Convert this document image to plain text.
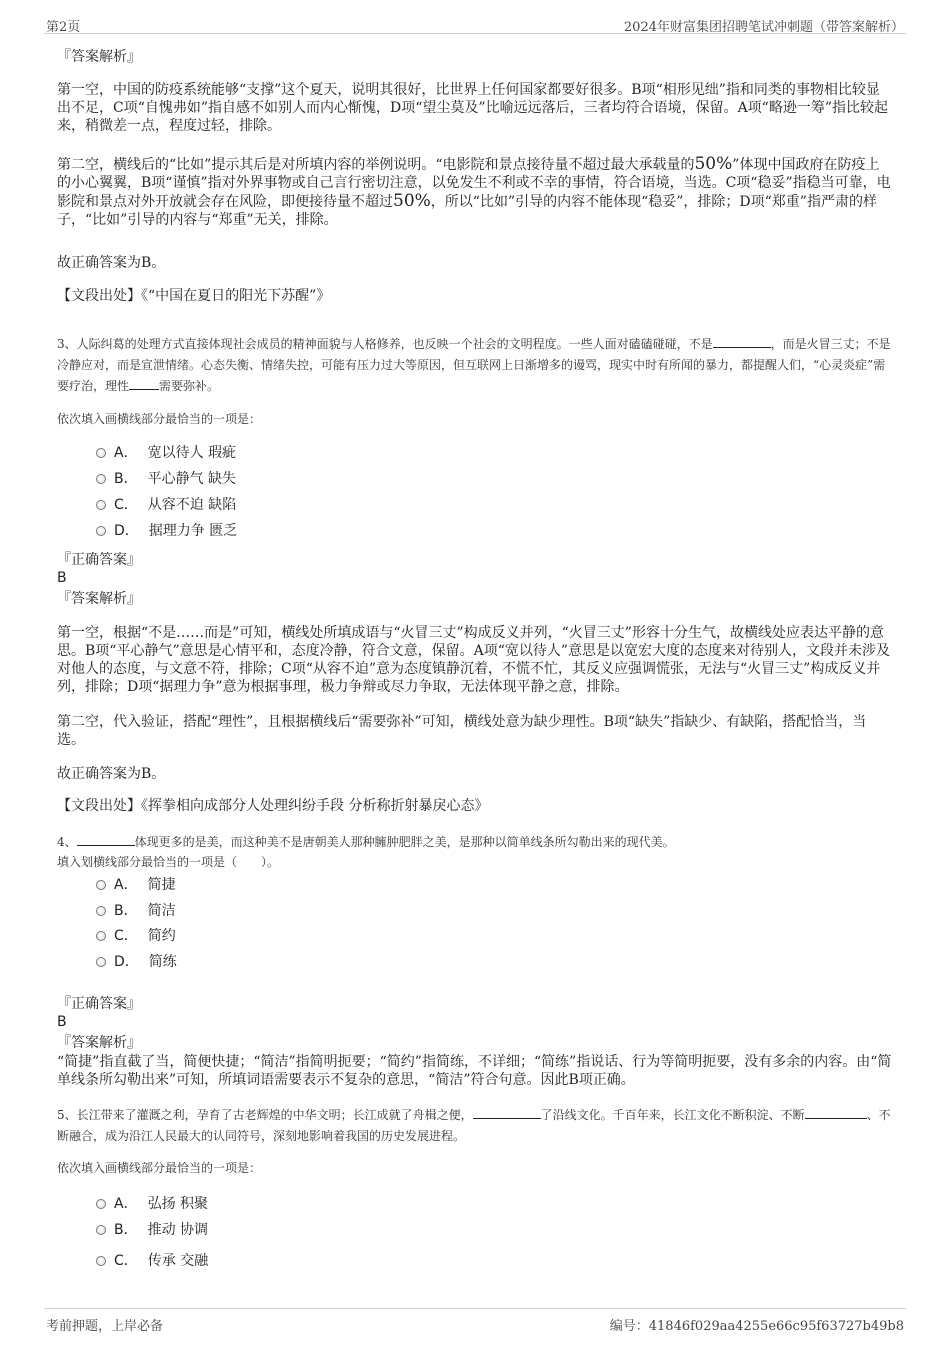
第2页	2024年财富集团招聘笔试冲刺题（带答案解析）
『答案解析』
第一空，中国的防疫系统能够“支撑”这个夏天，说明其很好，比世界上任何国家都要好很多。B项“相形见绌”指和同类的事物相比较显出不足，C项“自愧弗如”指自感不如别人而内心惭愧，D项“望尘莫及”比喻远远落后，三者均符合语境，保留。A项“略逊一筹”指比较起来，稍微差一点，程度过轻，排除。
第二空，横线后的“比如”提示其后是对所填内容的举例说明。“电影院和景点接待量不超过最大承载量的50%”体现中国政府在防疫上的小心翼翼，B项“谨慎”指对外界事物或自己言行密切注意，以免发生不利或不幸的事情，符合语境，当选。C项“稳妥”指稳当可靠，电影院和景点对外开放就会存在风险，即便接待量不超过50%，所以“比如”引导的内容不能体现“稳妥”，排除；D项“郑重”指严肃的样子，“比如”引导的内容与“郑重”无关，排除。
故正确答案为B。
【文段出处】《“中国在夏日的阳光下苏醒”》
3、人际纠葛的处理方式直接体现社会成员的精神面貌与人格修养，也反映一个社会的文明程度。一些人面对磕磕碰碰，不是	，而是火冒三丈；不是冷静应对，而是宣泄情绪。心态失衡、情绪失控，可能有压力过大等原因，但互联网上日渐增多的谩骂，现实中时有所闻的暴力，都提醒人们，“心灵炎症”需要疗治，理性	需要弥补。
依次填入画横线部分最恰当的一项是：
A． 宽以待人 瑕疵
B． 平心静气 缺失
C． 从容不迫 缺陷
D． 据理力争 匮乏
『正确答案』
B
『答案解析』
第一空，根据“不是……而是”可知，横线处所填成语与“火冒三丈”构成反义并列，“火冒三丈”形容十分生气，故横线处应表达平静的意思。B项“平心静气”意思是心情平和，态度冷静，符合文意，保留。A项“宽以待人”意思是以宽宏大度的态度来对待别人，文段并未涉及对他人的态度，与文意不符，排除；C项“从容不迫”意为态度镇静沉着，不慌不忙，其反义应强调慌张，无法与“火冒三丈”构成反义并列，排除；D项“据理力争”意为根据事理，极力争辩或尽力争取，无法体现平静之意，排除。
第二空，代入验证，搭配“理性”，且根据横线后“需要弥补”可知，横线处意为缺少理性。B项“缺失”指缺少、有缺陷，搭配恰当，当选。
故正确答案为B。
【文段出处】《挥拳相向成部分人处理纠纷手段 分析称折射暴戾心态》
4、	体现更多的是美，而这种美不是唐朝美人那种臃肿肥胖之美，是那种以简单线条所勾勒出来的现代美。
填入划横线部分最恰当的一项是（　　）。
A． 简捷
B． 简洁
C． 简约
D． 简练
『正确答案』
B
『答案解析』
“简捷”指直截了当，简便快捷；“简洁”指简明扼要；“简约”指简练，不详细；“简练”指说话、行为等简明扼要，没有多余的内容。由“简单线条所勾勒出来”可知，所填词语需要表示不复杂的意思，“简洁”符合句意。因此B项正确。
5、长江带来了灌溉之利，孕育了古老辉煌的中华文明；长江成就了舟楫之便，	了沿线文化。千百年来，长江文化不断积淀、不断	、不断融合，成为沿江人民最大的认同符号，深刻地影响着我国的历史发展进程。
依次填入画横线部分最恰当的一项是：
A． 弘扬 积聚
B． 推动 协调
C． 传承 交融
考前押题，上岸必备	编号：41846f029aa4255e66c95f63727b49b8
